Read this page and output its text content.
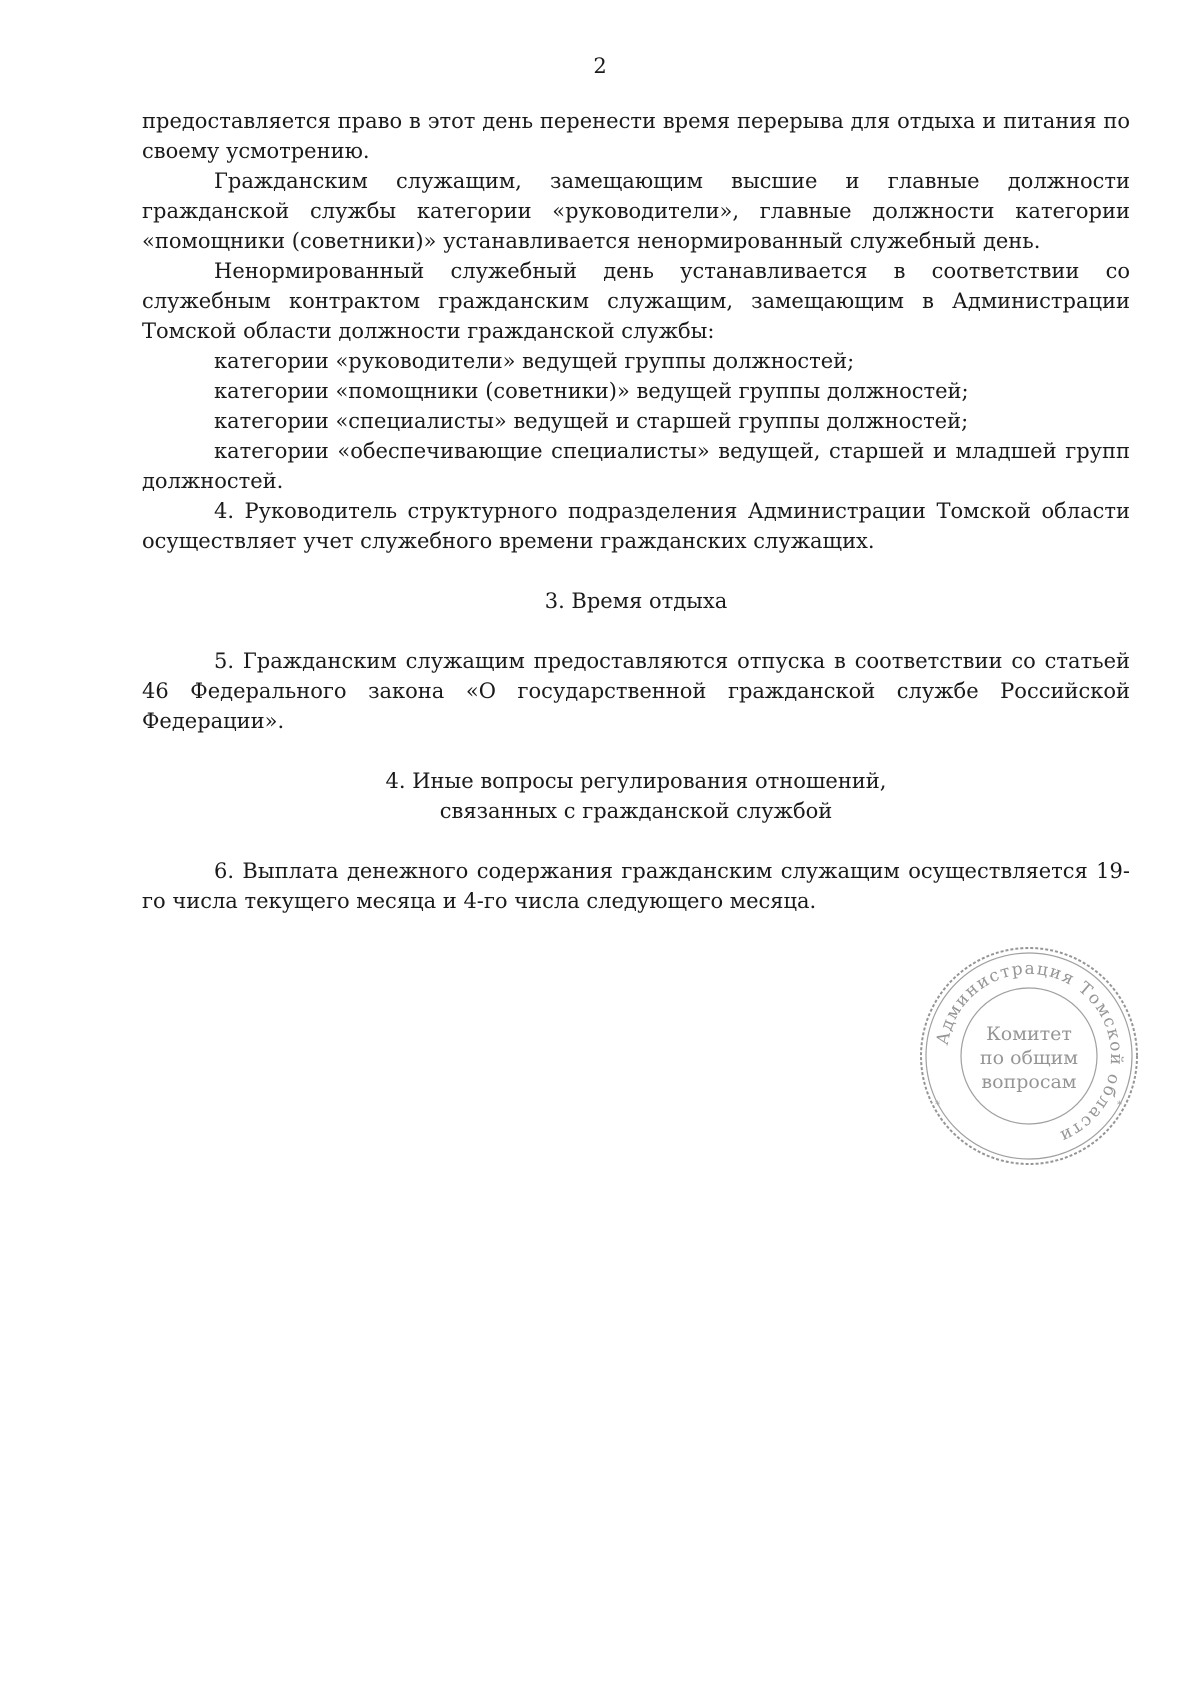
2

предоставляется право в этот день перенести время перерыва для отдыха и питания по своему усмотрению.

Гражданским служащим, замещающим высшие и главные должности гражданской службы категории «руководители», главные должности категории «помощники (советники)» устанавливается ненормированный служебный день.

Ненормированный служебный день устанавливается в соответствии со служебным контрактом гражданским служащим, замещающим в Администрации Томской области должности гражданской службы:

категории «руководители» ведущей группы должностей;

категории «помощники (советники)» ведущей группы должностей;

категории «специалисты» ведущей и старшей группы должностей;

категории «обеспечивающие специалисты» ведущей, старшей и младшей групп должностей.

4. Руководитель структурного подразделения Администрации Томской области осуществляет учет служебного времени гражданских служащих.

3. Время отдыха

5. Гражданским служащим предоставляются отпуска в соответствии со статьей 46 Федерального закона «О государственной гражданской службе Российской Федерации».

4. Иные вопросы регулирования отношений,

связанных с гражданской службой

6. Выплата денежного содержания гражданским служащим осуществляется 19-го числа текущего месяца и 4-го числа следующего месяца.

Администрация Томской области
*	*
Комитет
по общим
вопросам
